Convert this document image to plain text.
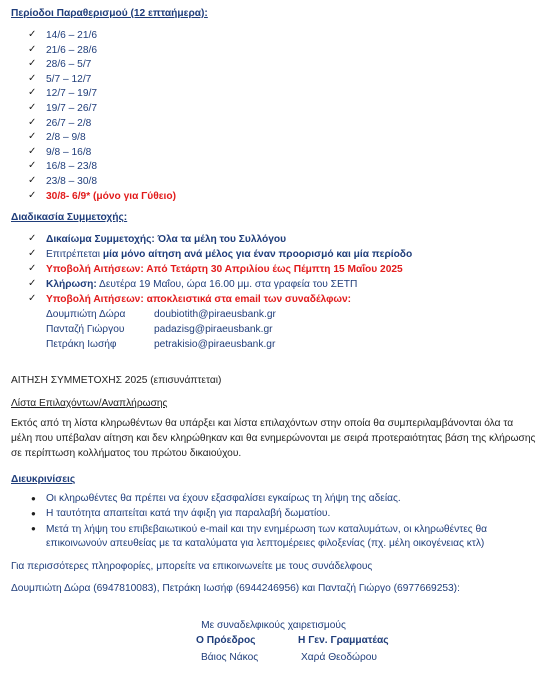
Περίοδοι Παραθερισμού (12 επταήμερα):
✓ 14/6 – 21/6
✓ 21/6 – 28/6
✓ 28/6 – 5/7
✓ 5/7 – 12/7
✓ 12/7 – 19/7
✓ 19/7 – 26/7
✓ 26/7 – 2/8
✓ 2/8 – 9/8
✓ 9/8 – 16/8
✓ 16/8 – 23/8
✓ 23/8 – 30/8
✓ 30/8- 6/9* (μόνο για Γύθειο)
Διαδικασία Συμμετοχής:
✓ Δικαίωμα Συμμετοχής: Όλα τα μέλη του Συλλόγου
✓ Επιτρέπεται μία μόνο αίτηση ανά μέλος για έναν προορισμό και μία περίοδο
✓ Υποβολή Αιτήσεων: Από Τετάρτη 30 Απριλίου έως Πέμπτη 15 Μαΐου 2025
✓ Κλήρωση: Δευτέρα 19 Μαΐου, ώρα 16.00 μμ. στα γραφεία του ΣΕΤΠ
✓ Υποβολή Αιτήσεων: αποκλειστικά στα email των συναδέλφων:
Δουμπιώτη Δώρα	doubiotith@piraeusbank.gr
Πανταζή Γιώργου	padazisg@piraeusbank.gr
Πετράκη Ιωσήφ	petrakisio@piraeusbank.gr
ΑΙΤΗΣΗ ΣΥΜΜΕΤΟΧΗΣ 2025 (επισυνάπτεται)
Λίστα Επιλαχόντων/Αναπλήρωσης
Εκτός από τη λίστα κληρωθέντων θα υπάρξει και λίστα επιλαχόντων στην οποία θα συμπεριλαμβάνονται όλα τα μέλη που υπέβαλαν αίτηση και δεν κληρώθηκαν και θα ενημερώνονται με σειρά προτεραιότητας βάση της κλήρωσης σε περίπτωση κολλήματος του πρώτου δικαιούχου.
Διευκρινίσεις
● Οι κληρωθέντες θα πρέπει να έχουν εξασφαλίσει εγκαίρως τη λήψη της αδείας.
● Η ταυτότητα απαιτείται κατά την άφιξη για παραλαβή δωματίου.
● Μετά τη λήψη του επιβεβαιωτικού e-mail και την ενημέρωση των καταλυμάτων, οι κληρωθέντες θα επικοινωνούν απευθείας με τα καταλύματα για λεπτομέρειες φιλοξενίας (πχ. μέλη οικογένειας κτλ)
Για περισσότερες πληροφορίες, μπορείτε να επικοινωνείτε με τους συνάδελφους
Δουμπιώτη Δώρα (6947810083), Πετράκη Ιωσήφ (6944246956) και Πανταζή Γιώργο (6977669253):
Με συναδελφικούς χαιρετισμούς
Ο Πρόεδρος	Η Γεν. Γραμματέας
Βάιος Νάκος	Χαρά Θεοδώρου
